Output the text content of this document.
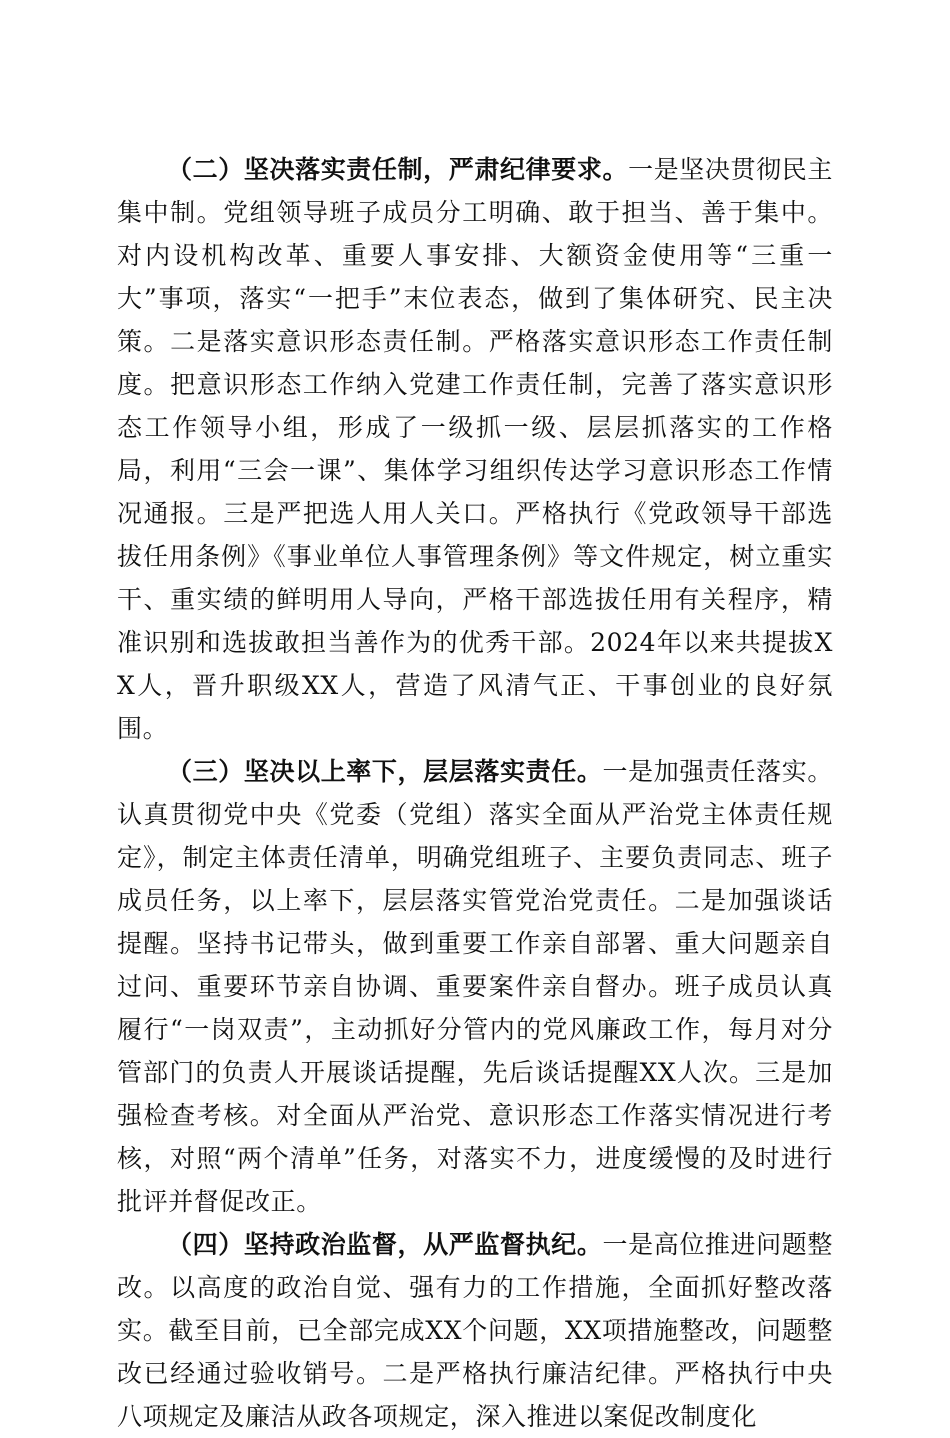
（二）坚决落实责任制，严肃纪律要求。一是坚决贯彻民主集中制。党组领导班子成员分工明确、敢于担当、善于集中。对内设机构改革、重要人事安排、大额资金使用等“三重一大”事项，落实“一把手”末位表态，做到了集体研究、民主决策。二是落实意识形态责任制。严格落实意识形态工作责任制度。把意识形态工作纳入党建工作责任制，完善了落实意识形态工作领导小组，形成了一级抓一级、层层抓落实的工作格局，利用“三会一课”、集体学习组织传达学习意识形态工作情况通报。三是严把选人用人关口。严格执行《党政领导干部选拔任用条例》《事业单位人事管理条例》等文件规定，树立重实干、重实绩的鲜明用人导向，严格干部选拔任用有关程序，精准识别和选拔敢担当善作为的优秀干部。2024年以来共提拔XX人，晋升职级XX人，营造了风清气正、干事创业的良好氛围。

（三）坚决以上率下，层层落实责任。一是加强责任落实。认真贯彻党中央《党委（党组）落实全面从严治党主体责任规定》，制定主体责任清单，明确党组班子、主要负责同志、班子成员任务，以上率下，层层落实管党治党责任。二是加强谈话提醒。坚持书记带头，做到重要工作亲自部署、重大问题亲自过问、重要环节亲自协调、重要案件亲自督办。班子成员认真履行“一岗双责”，主动抓好分管内的党风廉政工作，每月对分管部门的负责人开展谈话提醒，先后谈话提醒XX人次。三是加强检查考核。对全面从严治党、意识形态工作落实情况进行考核，对照“两个清单”任务，对落实不力，进度缓慢的及时进行批评并督促改正。

（四）坚持政治监督，从严监督执纪。一是高位推进问题整改。以高度的政治自觉、强有力的工作措施，全面抓好整改落实。截至目前，已全部完成XX个问题，XX项措施整改，问题整改已经通过验收销号。二是严格执行廉洁纪律。严格执行中央八项规定及廉洁从政各项规定，深入推进以案促改制度化
